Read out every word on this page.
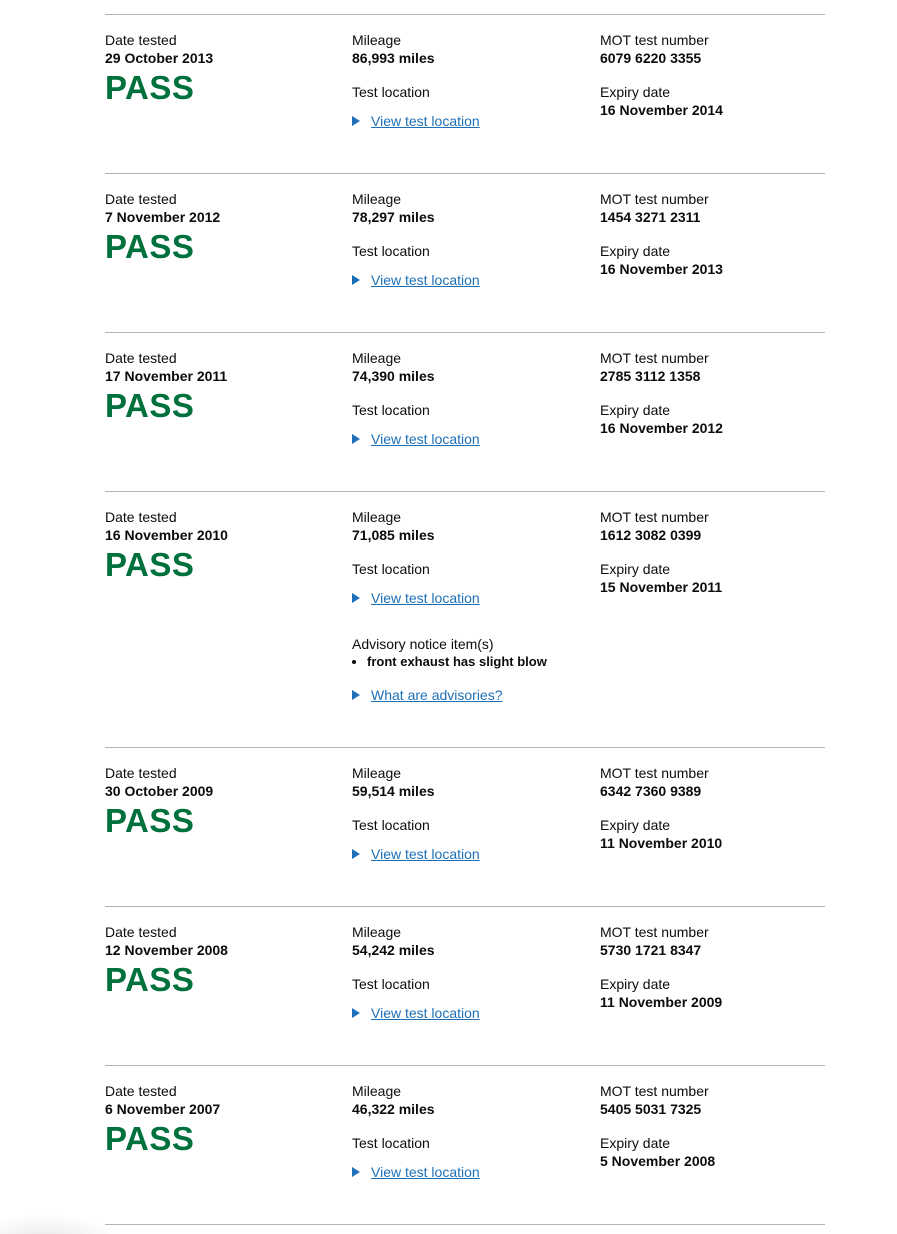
Date tested
29 October 2013
PASS
Mileage
86,993 miles
Test location
View test location
MOT test number
6079 6220 3355
Expiry date
16 November 2014
Date tested
7 November 2012
PASS
Mileage
78,297 miles
Test location
View test location
MOT test number
1454 3271 2311
Expiry date
16 November 2013
Date tested
17 November 2011
PASS
Mileage
74,390 miles
Test location
View test location
MOT test number
2785 3112 1358
Expiry date
16 November 2012
Date tested
16 November 2010
PASS
Mileage
71,085 miles
Test location
View test location
Advisory notice item(s)
• front exhaust has slight blow
What are advisories?
MOT test number
1612 3082 0399
Expiry date
15 November 2011
Date tested
30 October 2009
PASS
Mileage
59,514 miles
Test location
View test location
MOT test number
6342 7360 9389
Expiry date
11 November 2010
Date tested
12 November 2008
PASS
Mileage
54,242 miles
Test location
View test location
MOT test number
5730 1721 8347
Expiry date
11 November 2009
Date tested
6 November 2007
PASS
Mileage
46,322 miles
Test location
View test location
MOT test number
5405 5031 7325
Expiry date
5 November 2008
